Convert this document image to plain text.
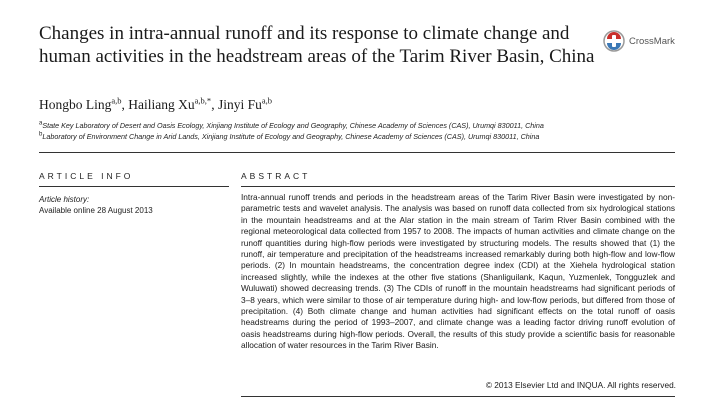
Changes in intra-annual runoff and its response to climate change and human activities in the headstream areas of the Tarim River Basin, China
CrossMark
Hongbo Ling$^{a,b}$, Hailiang $Xu^{a,b,*}$, Jinyi Fu$^{a,b}$
$^a$State Key Laboratory of Desert and Oasis Ecology, Xinjiang Institute of Ecology and Geography, Chinese Academy of Sciences (CAS), Urumqi 830011, China
$^b$Laboratory of Environment Change in Arid Lands, Xinjiang Institute of Ecology and Geography, Chinese Academy of Sciences (CAS), Urumqi 830011, China
ARTICLE INFO	ABSTRACT
Article history:
Available online 28 August 2013

Intra-annual runoff trends and periods in the headstream areas of the Tarim River Basin were investigated by non-parametric tests and wavelet analysis. The analysis was based on runoff data collected from six hydrological stations in the mountain headstreams and at the Alar station in the main stream of Tarim River Basin combined with the regional meteorological data collected from 1957 to 2008. The impacts of human activities and climate change on the runoff quantities during high-flow periods were investigated by structuring models. The results showed that (1) the runoff, air temperature and precipitation of the headstreams increased remarkably during both high-flow and low-flow periods. (2) In mountain headstreams, the concentration degree index (CDI) at the Xiehela hydrological station increased slightly, while the indexes at the other five stations (Shanliguilank, Kaqun, Yuzmenlek, Tongguzlek and Wuluwati) showed decreasing trends. (3) The CDIs of runoff in the mountain headstreams had significant periods of 3–8 years, which were similar to those of air temperature during high- and low-flow periods, but differed from those of precipitation. (4) Both climate change and human activities had significant effects on the total runoff of oasis headstreams during the period of 1993–2007, and climate change was a leading factor driving runoff evolution of oasis headstreams during high-flow periods. Overall, the results of this study provide a scientific basis for reasonable allocation of water resources in the Tarim River Basin.

© 2013 Elsevier Ltd and INQUA. All rights reserved.
